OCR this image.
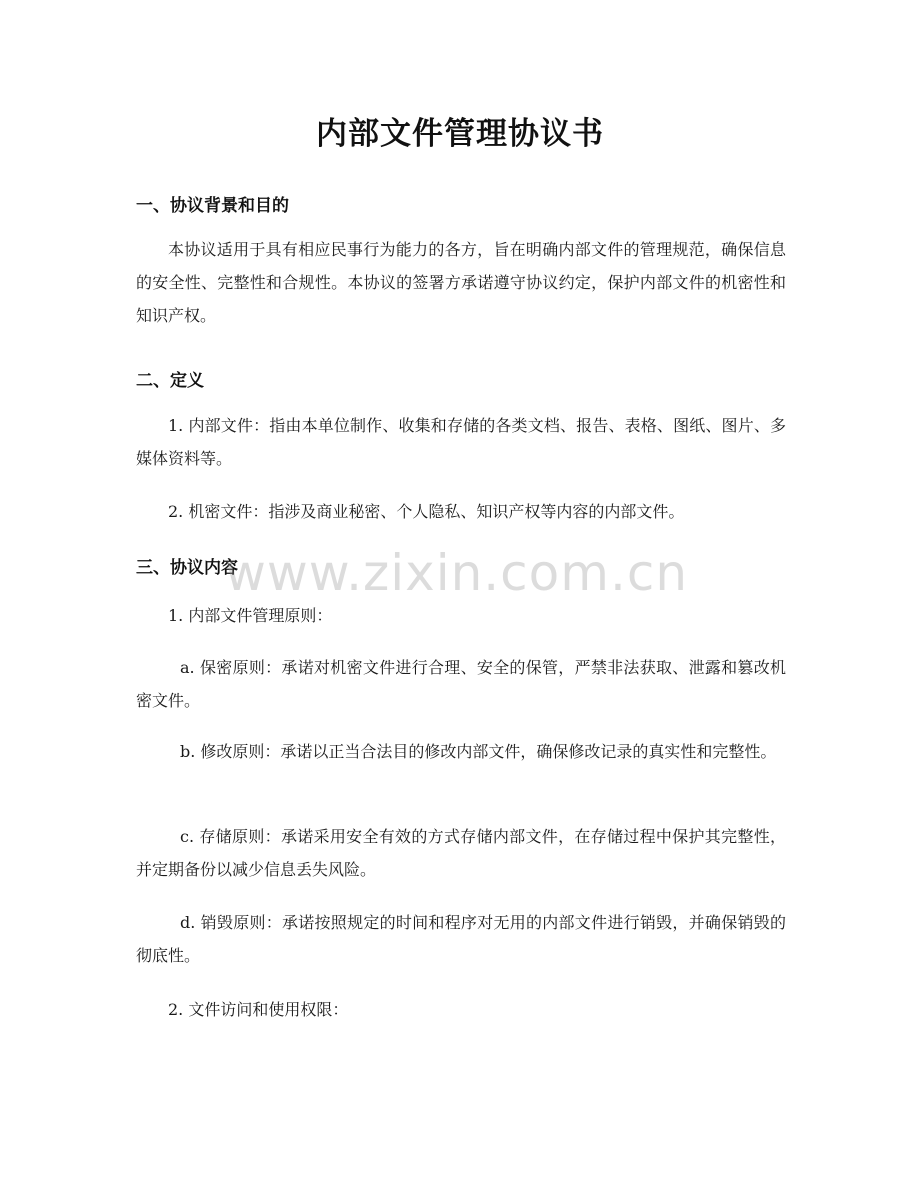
内部文件管理协议书
一、协议背景和目的
本协议适用于具有相应民事行为能力的各方，旨在明确内部文件的管理规范，确保信息的安全性、完整性和合规性。本协议的签署方承诺遵守协议约定，保护内部文件的机密性和知识产权。
二、定义
1. 内部文件：指由本单位制作、收集和存储的各类文档、报告、表格、图纸、图片、多媒体资料等。
2. 机密文件：指涉及商业秘密、个人隐私、知识产权等内容的内部文件。
三、协议内容
1. 内部文件管理原则：
a. 保密原则：承诺对机密文件进行合理、安全的保管，严禁非法获取、泄露和篡改机密文件。
b. 修改原则：承诺以正当合法目的修改内部文件，确保修改记录的真实性和完整性。
c. 存储原则：承诺采用安全有效的方式存储内部文件，在存储过程中保护其完整性，并定期备份以减少信息丢失风险。
d. 销毁原则：承诺按照规定的时间和程序对无用的内部文件进行销毁，并确保销毁的彻底性。
2. 文件访问和使用权限：
www.zixin.com.cn
